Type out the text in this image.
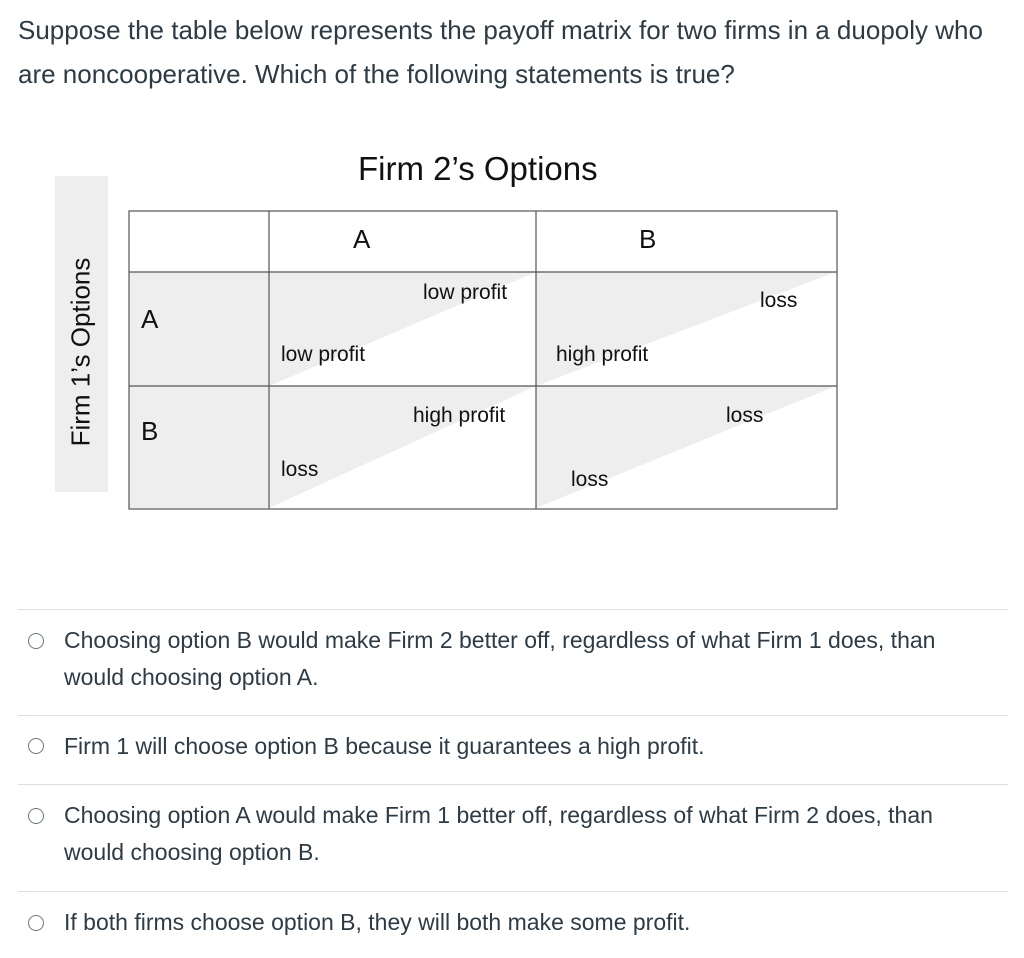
Suppose the table below represents the payoff matrix for two firms in a duopoly who are noncooperative. Which of the following statements is true?
Firm 2’s Options
Firm 1’s Options
A	B
A
B
low profit
low profit
loss
high profit
high profit
loss
loss
loss
Choosing option B would make Firm 2 better off, regardless of what Firm 1 does, than would choosing option A.
Firm 1 will choose option B because it guarantees a high profit.
Choosing option A would make Firm 1 better off, regardless of what Firm 2 does, than would choosing option B.
If both firms choose option B, they will both make some profit.
